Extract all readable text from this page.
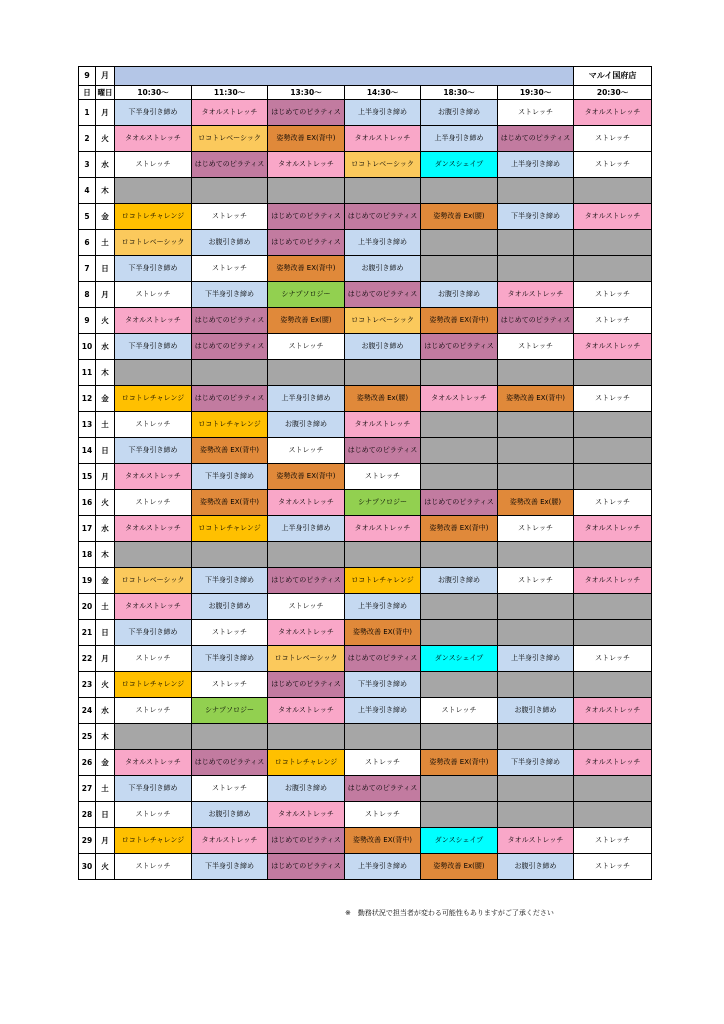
9	月							マルイ国府店
日	曜日	10:30～	11:30～	13:30～	14:30～	18:30～	19:30～	20:30～
1	月	下半身引き締め	タオルストレッチ	はじめてのピラティス	上半身引き締め	お腹引き締め	ストレッチ	タオルストレッチ
2	火	タオルストレッチ	ロコトレベーシック	姿勢改善 EX(背中)	タオルストレッチ	上半身引き締め	はじめてのピラティス	ストレッチ
3	水	ストレッチ	はじめてのピラティス	タオルストレッチ	ロコトレベーシック	ダンスシェイプ	上半身引き締め	ストレッチ
4	木							
5	金	ロコトレチャレンジ	ストレッチ	はじめてのピラティス	はじめてのピラティス	姿勢改善 Ex(腰)	下半身引き締め	タオルストレッチ
6	土	ロコトレベーシック	お腹引き締め	はじめてのピラティス	上半身引き締め			
7	日	下半身引き締め	ストレッチ	姿勢改善 EX(背中)	お腹引き締め			
8	月	ストレッチ	下半身引き締め	シナプソロジー	はじめてのピラティス	お腹引き締め	タオルストレッチ	ストレッチ
9	火	タオルストレッチ	はじめてのピラティス	姿勢改善 Ex(腰)	ロコトレベーシック	姿勢改善 EX(背中)	はじめてのピラティス	ストレッチ
10	水	下半身引き締め	はじめてのピラティス	ストレッチ	お腹引き締め	はじめてのピラティス	ストレッチ	タオルストレッチ
11	木							
12	金	ロコトレチャレンジ	はじめてのピラティス	上半身引き締め	姿勢改善 Ex(腰)	タオルストレッチ	姿勢改善 EX(背中)	ストレッチ
13	土	ストレッチ	ロコトレチャレンジ	お腹引き締め	タオルストレッチ			
14	日	下半身引き締め	姿勢改善 EX(背中)	ストレッチ	はじめてのピラティス			
15	月	タオルストレッチ	下半身引き締め	姿勢改善 EX(背中)	ストレッチ			
16	火	ストレッチ	姿勢改善 EX(背中)	タオルストレッチ	シナプソロジー	はじめてのピラティス	姿勢改善 Ex(腰)	ストレッチ
17	水	タオルストレッチ	ロコトレチャレンジ	上半身引き締め	タオルストレッチ	姿勢改善 EX(背中)	ストレッチ	タオルストレッチ
18	木							
19	金	ロコトレベーシック	下半身引き締め	はじめてのピラティス	ロコトレチャレンジ	お腹引き締め	ストレッチ	タオルストレッチ
20	土	タオルストレッチ	お腹引き締め	ストレッチ	上半身引き締め			
21	日	下半身引き締め	ストレッチ	タオルストレッチ	姿勢改善 EX(背中)			
22	月	ストレッチ	下半身引き締め	ロコトレベーシック	はじめてのピラティス	ダンスシェイプ	上半身引き締め	ストレッチ
23	火	ロコトレチャレンジ	ストレッチ	はじめてのピラティス	下半身引き締め			
24	水	ストレッチ	シナプソロジー	タオルストレッチ	上半身引き締め	ストレッチ	お腹引き締め	タオルストレッチ
25	木							
26	金	タオルストレッチ	はじめてのピラティス	ロコトレチャレンジ	ストレッチ	姿勢改善 EX(背中)	下半身引き締め	タオルストレッチ
27	土	下半身引き締め	ストレッチ	お腹引き締め	はじめてのピラティス			
28	日	ストレッチ	お腹引き締め	タオルストレッチ	ストレッチ			
29	月	ロコトレチャレンジ	タオルストレッチ	はじめてのピラティス	姿勢改善 EX(背中)	ダンスシェイプ	タオルストレッチ	ストレッチ
30	火	ストレッチ	下半身引き締め	はじめてのピラティス	上半身引き締め	姿勢改善 Ex(腰)	お腹引き締め	ストレッチ
※　勤務状況で担当者が変わる可能性もありますがご了承ください
